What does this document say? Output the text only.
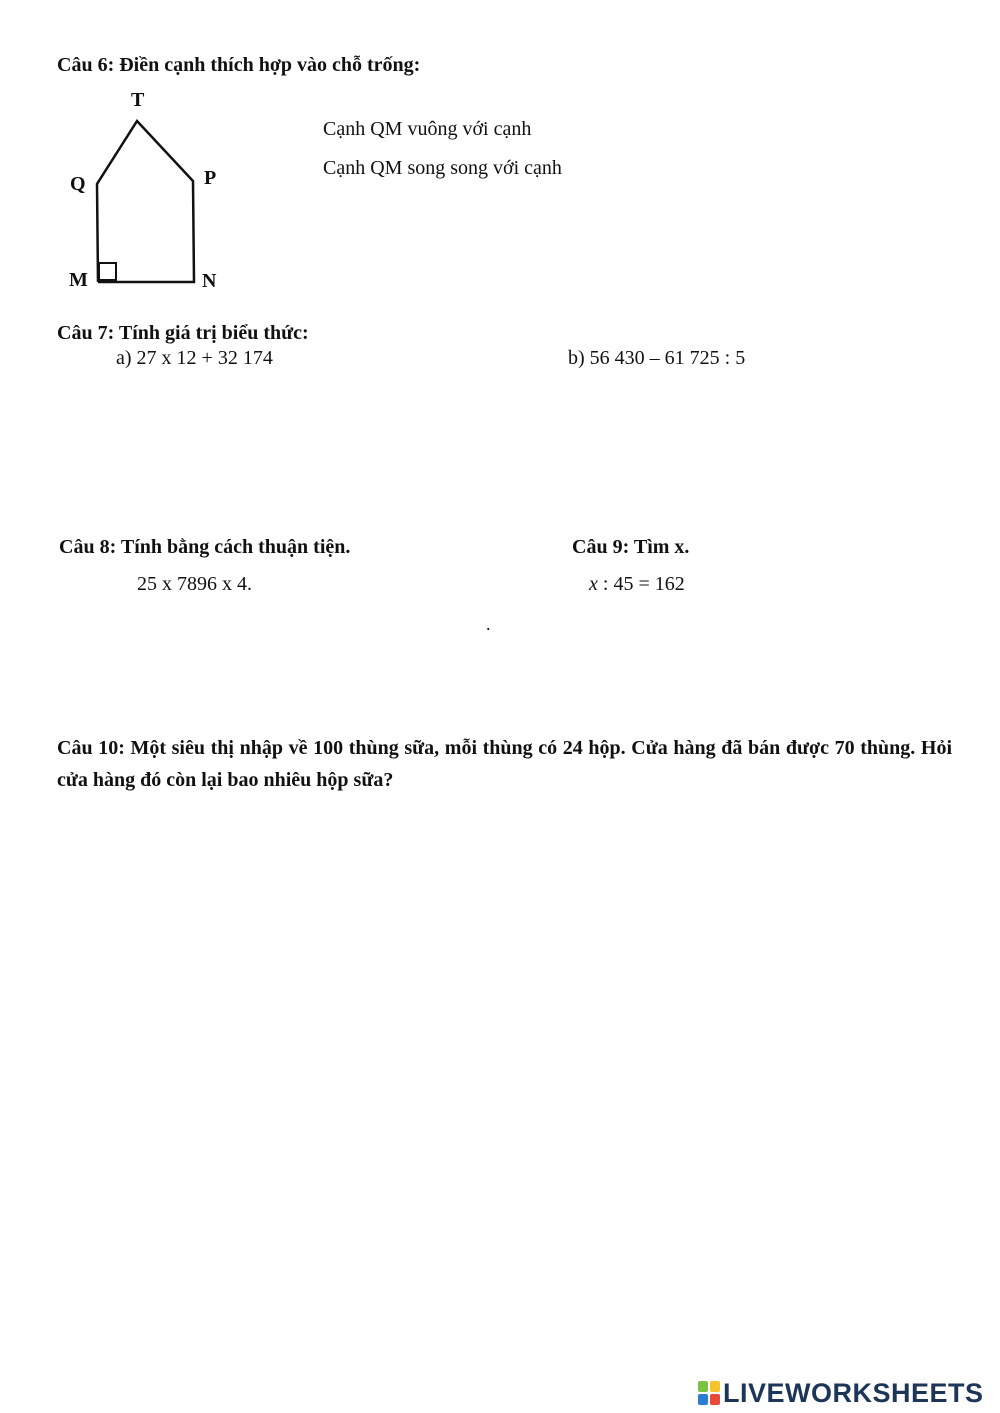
Câu 6: Điền cạnh thích hợp vào chỗ trống:
T
Q	P
M	N
Cạnh QM vuông với cạnh
Cạnh QM song song với cạnh
Câu 7: Tính giá trị biểu thức:
a) 27 x 12 + 32 174	b) 56 430 – 61 725 : 5
Câu 8: Tính bằng cách thuận tiện.
25 x 7896 x 4.
Câu 9: Tìm x.
x : 45 = 162
.
Câu 10: Một siêu thị nhập về 100 thùng sữa, mỗi thùng có 24 hộp. Cửa hàng đã bán được 70 thùng. Hỏi cửa hàng đó còn lại bao nhiêu hộp sữa?
LIVEWORKSHEETS
